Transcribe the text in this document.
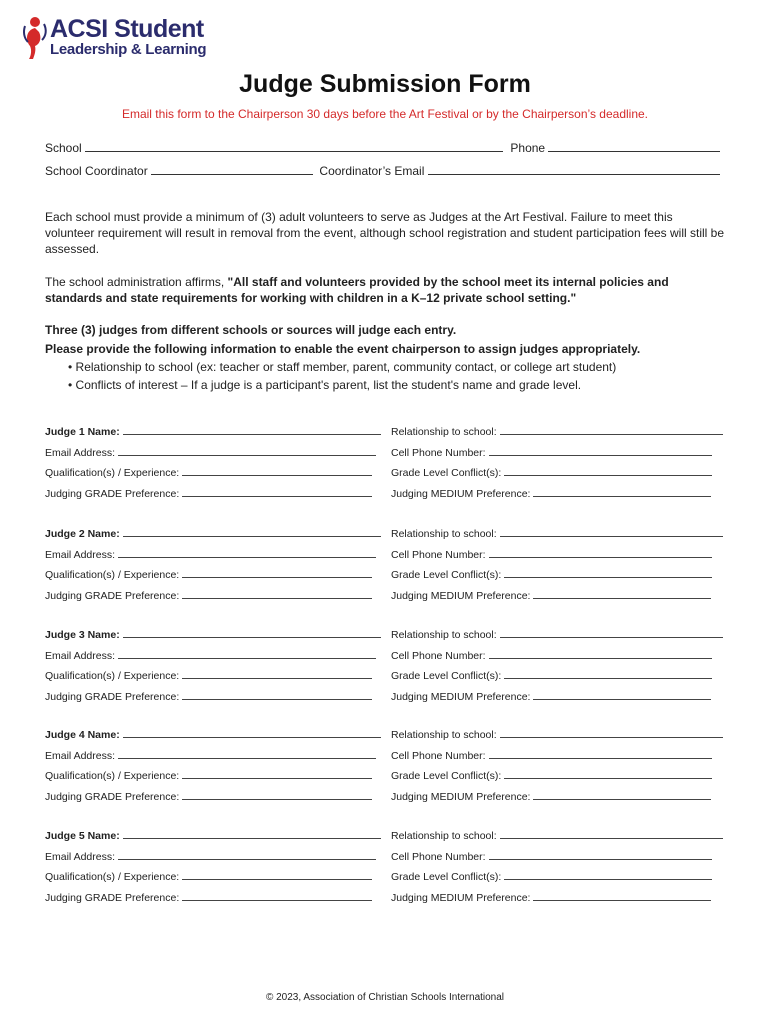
ACSI Student
Leadership & Learning
Judge Submission Form
Email this form to the Chairperson 30 days before the Art Festival or by the Chairperson’s deadline.
School	Phone
School Coordinator	Coordinator’s Email
Each school must provide a minimum of (3) adult volunteers to serve as Judges at the Art Festival. Failure to meet this volunteer requirement will result in removal from the event, although school registration and student participation fees will still be assessed.
The school administration affirms, "All staff and volunteers provided by the school meet its internal policies and standards and state requirements for working with children in a K–12 private school setting."
Three (3) judges from different schools or sources will judge each entry.
Please provide the following information to enable the event chairperson to assign judges appropriately.
• Relationship to school (ex: teacher or staff member, parent, community contact, or college art student)
• Conflicts of interest – If a judge is a participant's parent, list the student's name and grade level.
Judge 1 Name:	Relationship to school:
Email Address:	Cell Phone Number:
Qualification(s) / Experience:	Grade Level Conflict(s):
Judging GRADE Preference:	Judging MEDIUM Preference:
Judge 2 Name:	Relationship to school:
Email Address:	Cell Phone Number:
Qualification(s) / Experience:	Grade Level Conflict(s):
Judging GRADE Preference:	Judging MEDIUM Preference:
Judge 3 Name:	Relationship to school:
Email Address:	Cell Phone Number:
Qualification(s) / Experience:	Grade Level Conflict(s):
Judging GRADE Preference:	Judging MEDIUM Preference:
Judge 4 Name:	Relationship to school:
Email Address:	Cell Phone Number:
Qualification(s) / Experience:	Grade Level Conflict(s):
Judging GRADE Preference:	Judging MEDIUM Preference:
Judge 5 Name:	Relationship to school:
Email Address:	Cell Phone Number:
Qualification(s) / Experience:	Grade Level Conflict(s):
Judging GRADE Preference:	Judging MEDIUM Preference:
© 2023, Association of Christian Schools International
